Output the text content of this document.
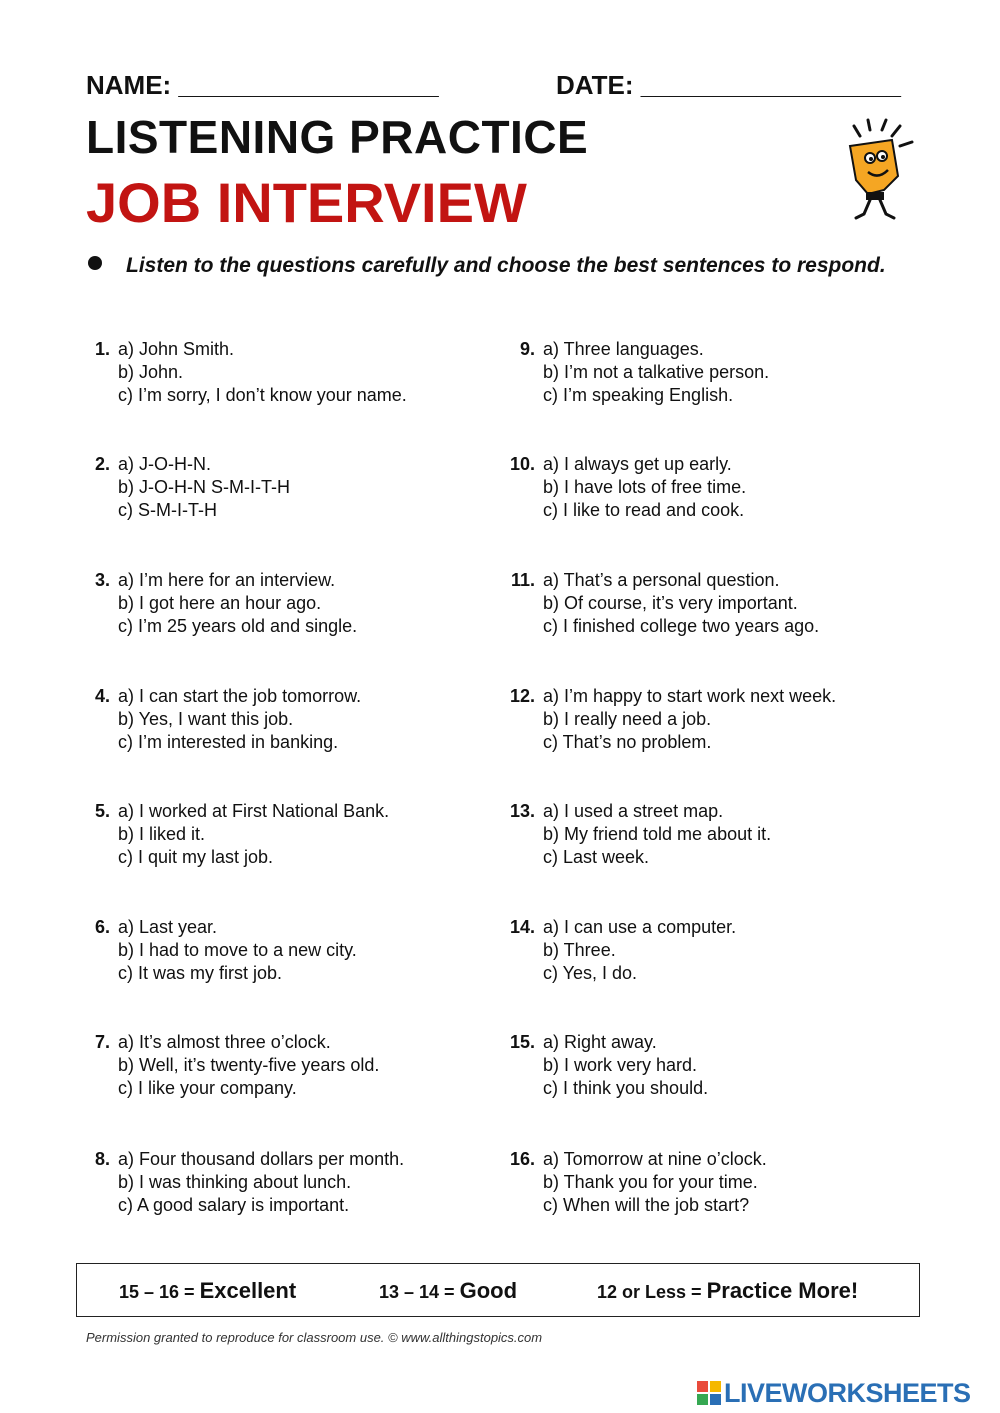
NAME: __________________	DATE: __________________
LISTENING PRACTICE
JOB INTERVIEW
Listen to the questions carefully and choose the best sentences to respond.
1. a) John Smith.
b) John.
c) I’m sorry, I don’t know your name.
2. a) J-O-H-N.
b) J-O-H-N S-M-I-T-H
c) S-M-I-T-H
3. a) I’m here for an interview.
b) I got here an hour ago.
c) I’m 25 years old and single.
4. a) I can start the job tomorrow.
b) Yes, I want this job.
c) I’m interested in banking.
5. a) I worked at First National Bank.
b) I liked it.
c) I quit my last job.
6. a) Last year.
b) I had to move to a new city.
c) It was my first job.
7. a) It’s almost three o’clock.
b) Well, it’s twenty-five years old.
c) I like your company.
8. a) Four thousand dollars per month.
b) I was thinking about lunch.
c) A good salary is important.
9. a) Three languages.
b) I’m not a talkative person.
c) I’m speaking English.
10. a) I always get up early.
b) I have lots of free time.
c) I like to read and cook.
11. a) That’s a personal question.
b) Of course, it’s very important.
c) I finished college two years ago.
12. a) I’m happy to start work next week.
b) I really need a job.
c) That’s no problem.
13. a) I used a street map.
b) My friend told me about it.
c) Last week.
14. a) I can use a computer.
b) Three.
c) Yes, I do.
15. a) Right away.
b) I work very hard.
c) I think you should.
16. a) Tomorrow at nine o’clock.
b) Thank you for your time.
c) When will the job start?
15 – 16 = Excellent	13 – 14 = Good	12 or Less = Practice More!
Permission granted to reproduce for classroom use. © www.allthingstopics.com
LIVEWORKSHEETS
